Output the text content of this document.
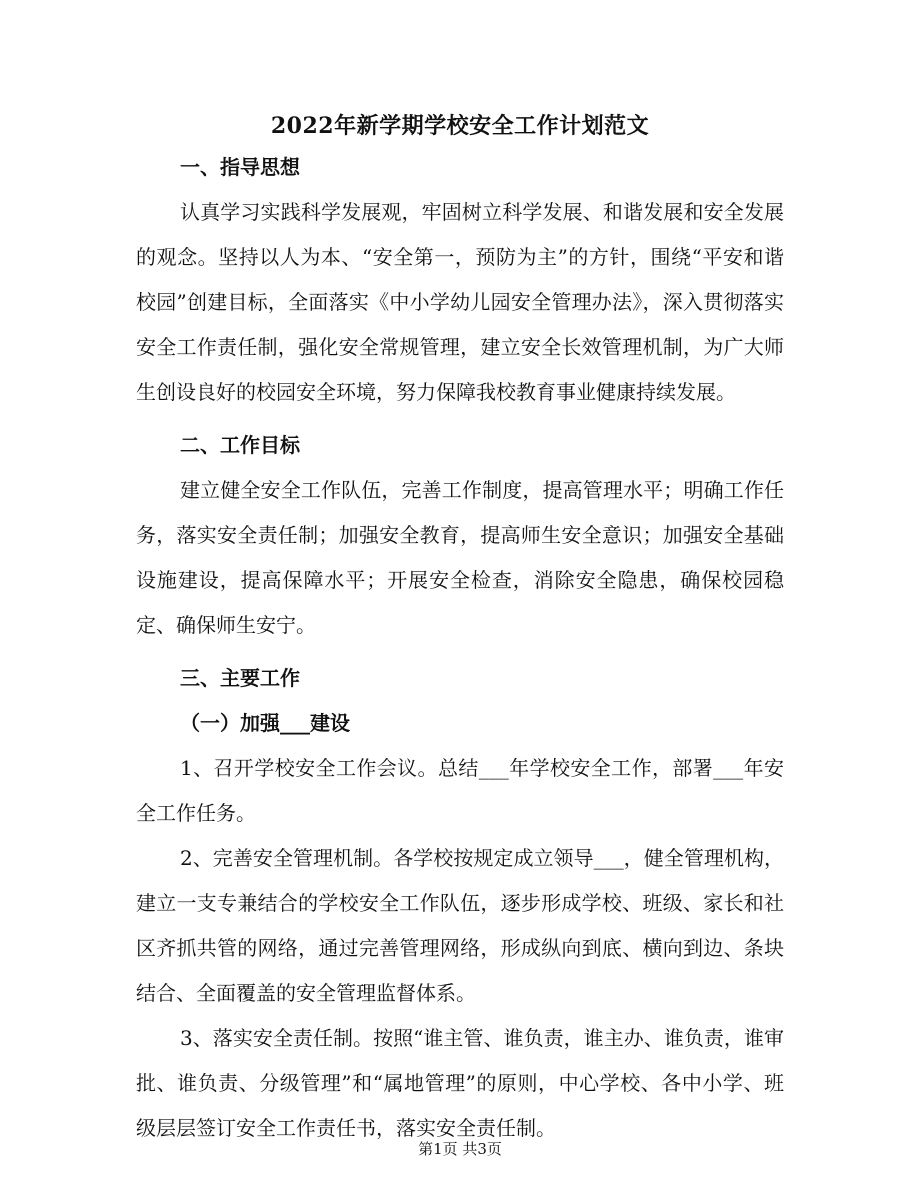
2022年新学期学校安全工作计划范文

一、指导思想

认真学习实践科学发展观，牢固树立科学发展、和谐发展和安全发展的观念。坚持以人为本、“安全第一，预防为主”的方针，围绕“平安和谐校园”创建目标，全面落实《中小学幼儿园安全管理办法》，深入贯彻落实安全工作责任制，强化安全常规管理，建立安全长效管理机制，为广大师生创设良好的校园安全环境，努力保障我校教育事业健康持续发展。

二、工作目标

建立健全安全工作队伍，完善工作制度，提高管理水平；明确工作任务，落实安全责任制；加强安全教育，提高师生安全意识；加强安全基础设施建设，提高保障水平；开展安全检查，消除安全隐患，确保校园稳定、确保师生安宁。

三、主要工作

（一）加强___建设

1、召开学校安全工作会议。总结___年学校安全工作，部署___年安全工作任务。

2、完善安全管理机制。各学校按规定成立领导___，健全管理机构，建立一支专兼结合的学校安全工作队伍，逐步形成学校、班级、家长和社区齐抓共管的网络，通过完善管理网络，形成纵向到底、横向到边、条块结合、全面覆盖的安全管理监督体系。

3、落实安全责任制。按照“谁主管、谁负责，谁主办、谁负责，谁审批、谁负责、分级管理”和“属地管理”的原则，中心学校、各中小学、班级层层签订安全工作责任书，落实安全责任制。

第1页 共3页
